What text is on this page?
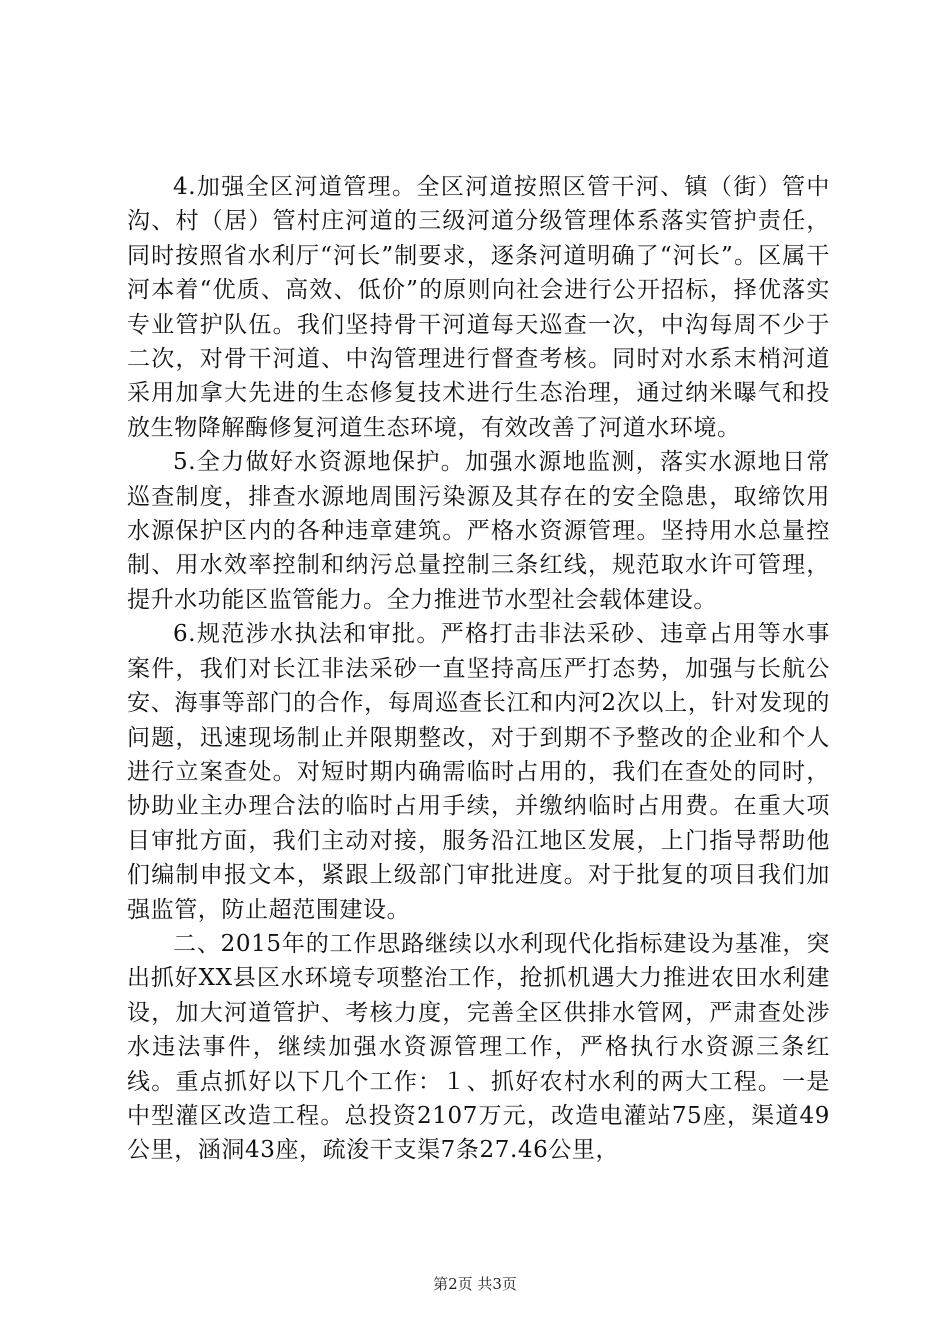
4.加强全区河道管理。全区河道按照区管干河、镇（街）管中沟、村（居）管村庄河道的三级河道分级管理体系落实管护责任，同时按照省水利厅“河长”制要求，逐条河道明确了“河长”。区属干河本着“优质、高效、低价”的原则向社会进行公开招标，择优落实专业管护队伍。我们坚持骨干河道每天巡查一次，中沟每周不少于二次，对骨干河道、中沟管理进行督查考核。同时对水系末梢河道采用加拿大先进的生态修复技术进行生态治理，通过纳米曝气和投放生物降解酶修复河道生态环境，有效改善了河道水环境。

5.全力做好水资源地保护。加强水源地监测，落实水源地日常巡查制度，排查水源地周围污染源及其存在的安全隐患，取缔饮用水源保护区内的各种违章建筑。严格水资源管理。坚持用水总量控制、用水效率控制和纳污总量控制三条红线，规范取水许可管理，提升水功能区监管能力。全力推进节水型社会载体建设。

6.规范涉水执法和审批。严格打击非法采砂、违章占用等水事案件，我们对长江非法采砂一直坚持高压严打态势，加强与长航公安、海事等部门的合作，每周巡查长江和内河2次以上，针对发现的问题，迅速现场制止并限期整改，对于到期不予整改的企业和个人进行立案查处。对短时期内确需临时占用的，我们在查处的同时，协助业主办理合法的临时占用手续，并缴纳临时占用费。在重大项目审批方面，我们主动对接，服务沿江地区发展，上门指导帮助他们编制申报文本，紧跟上级部门审批进度。对于批复的项目我们加强监管，防止超范围建设。

二、2015年的工作思路继续以水利现代化指标建设为基准，突出抓好XX县区水环境专项整治工作，抢抓机遇大力推进农田水利建设，加大河道管护、考核力度，完善全区供排水管网，严肃查处涉水违法事件，继续加强水资源管理工作，严格执行水资源三条红线。重点抓好以下几个工作：１、抓好农村水利的两大工程。一是中型灌区改造工程。总投资2107万元，改造电灌站75座，渠道49公里，涵洞43座，疏浚干支渠7条27.46公里，

第2页 共3页
